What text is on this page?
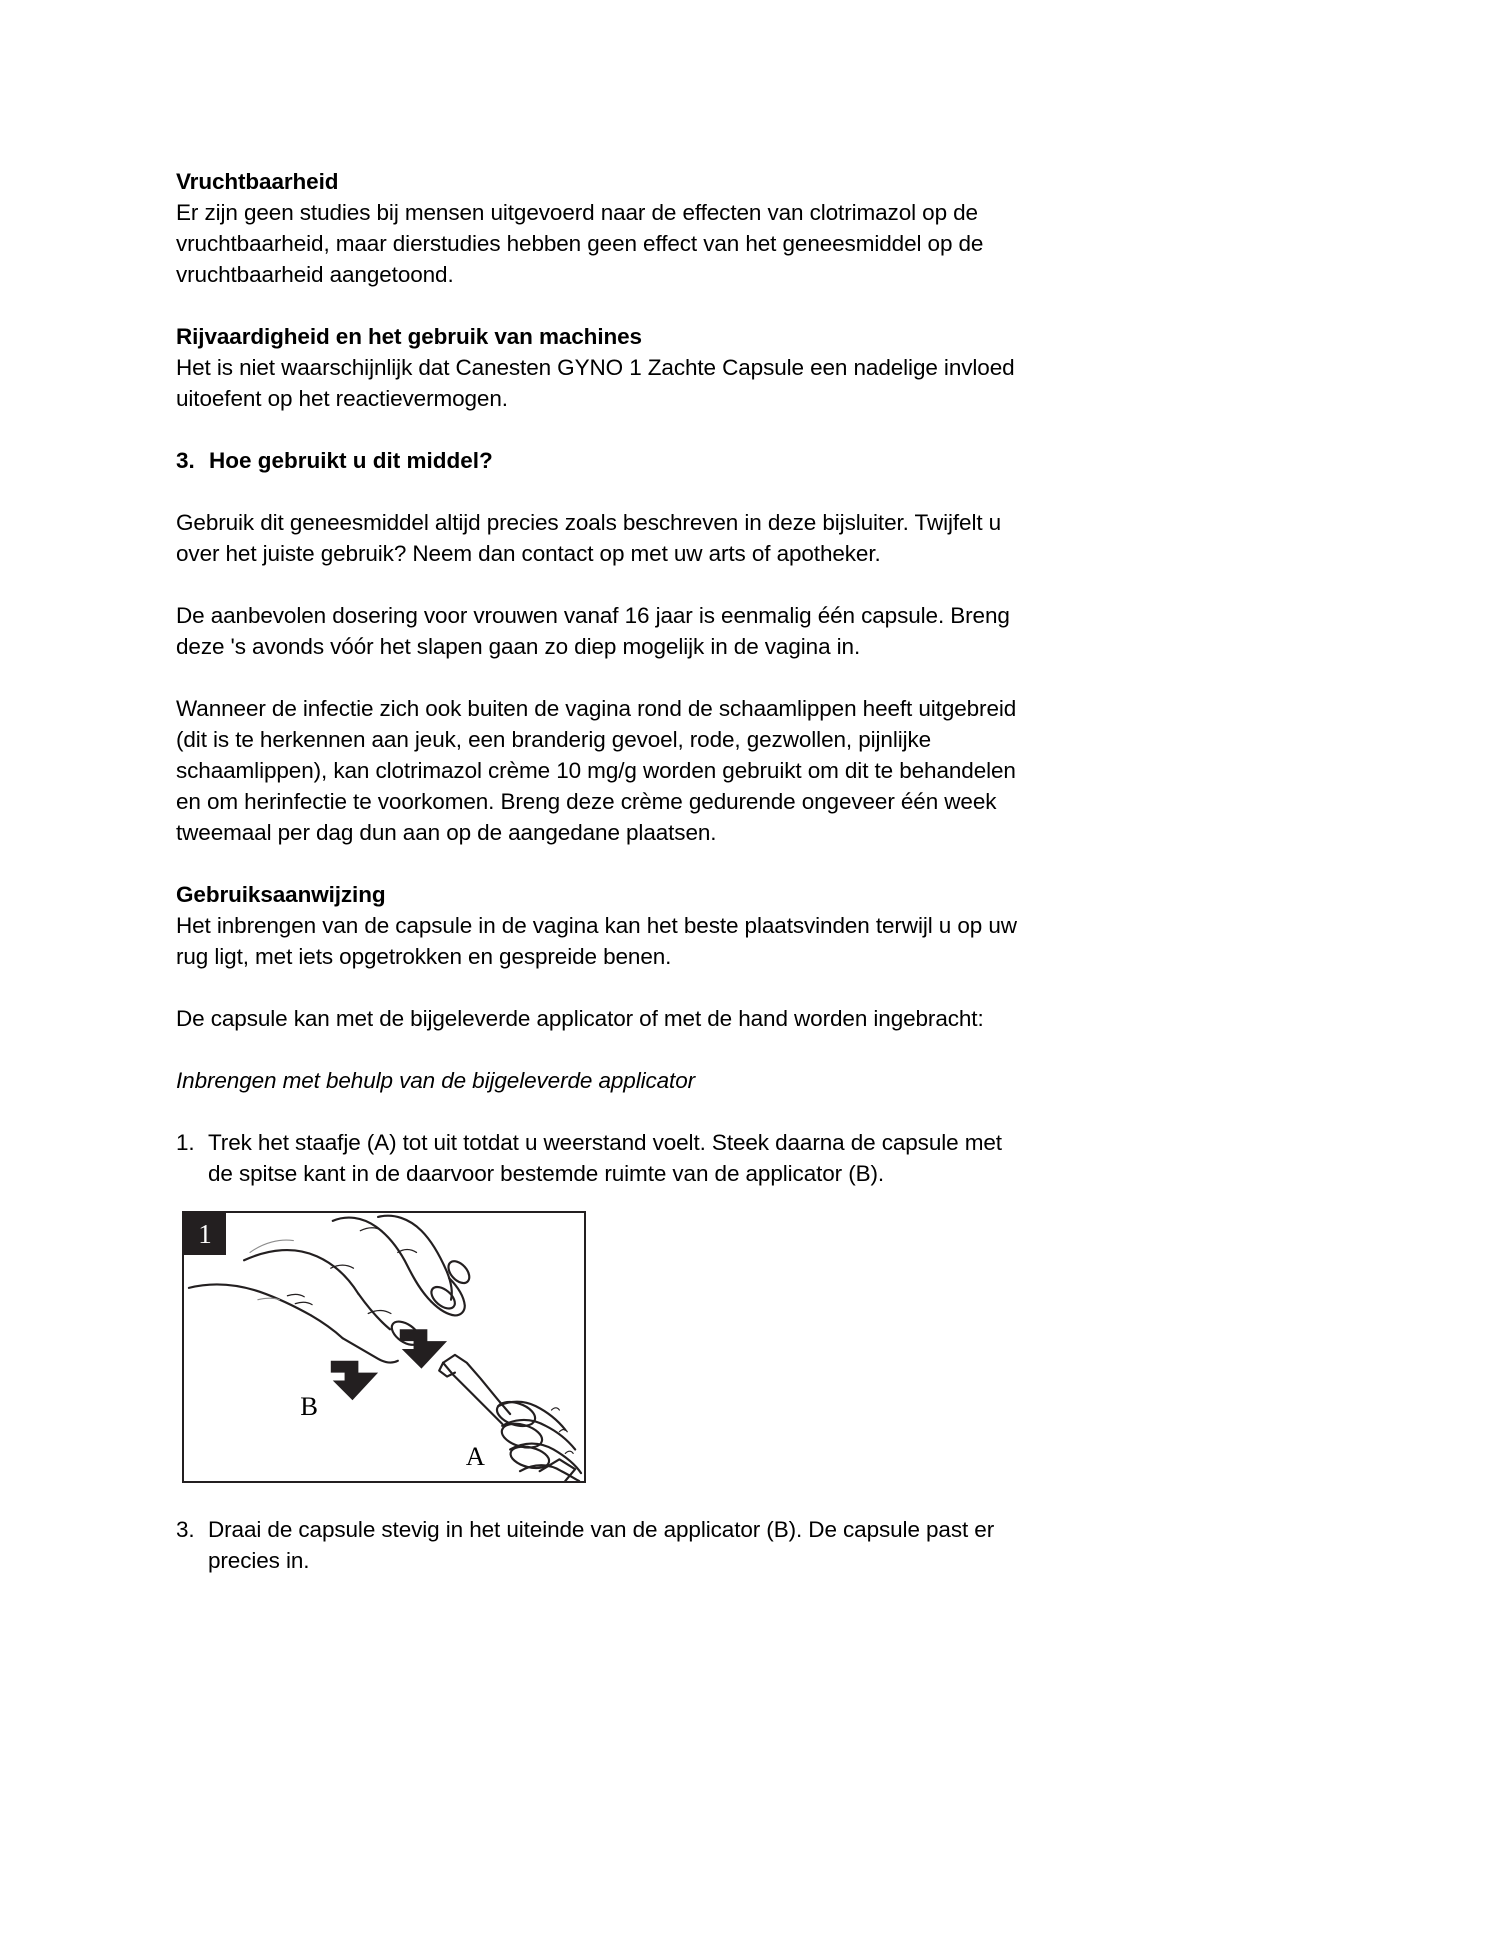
Vruchtbaarheid

Er zijn geen studies bij mensen uitgevoerd naar de effecten van clotrimazol op de vruchtbaarheid, maar dierstudies hebben geen effect van het geneesmiddel op de vruchtbaarheid aangetoond.

Rijvaardigheid en het gebruik van machines

Het is niet waarschijnlijk dat Canesten GYNO 1 Zachte Capsule een nadelige invloed uitoefent op het reactievermogen.

3. Hoe gebruikt u dit middel?

Gebruik dit geneesmiddel altijd precies zoals beschreven in deze bijsluiter. Twijfelt u over het juiste gebruik? Neem dan contact op met uw arts of apotheker.

De aanbevolen dosering voor vrouwen vanaf 16 jaar is eenmalig één capsule. Breng deze 's avonds vóór het slapen gaan zo diep mogelijk in de vagina in.

Wanneer de infectie zich ook buiten de vagina rond de schaamlippen heeft uitgebreid (dit is te herkennen aan jeuk, een branderig gevoel, rode, gezwollen, pijnlijke schaamlippen), kan clotrimazol crème 10 mg/g worden gebruikt om dit te behandelen en om herinfectie te voorkomen. Breng deze crème gedurende ongeveer één week tweemaal per dag dun aan op de aangedane plaatsen.

Gebruiksaanwijzing

Het inbrengen van de capsule in de vagina kan het beste plaatsvinden terwijl u op uw rug ligt, met iets opgetrokken en gespreide benen.

De capsule kan met de bijgeleverde applicator of met de hand worden ingebracht:

Inbrengen met behulp van de bijgeleverde applicator

1. Trek het staafje (A) tot uit totdat u weerstand voelt. Steek daarna de capsule met de spitse kant in de daarvoor bestemde ruimte van de applicator (B).
B
A
1
3. Draai de capsule stevig in het uiteinde van de applicator (B). De capsule past er precies in.
